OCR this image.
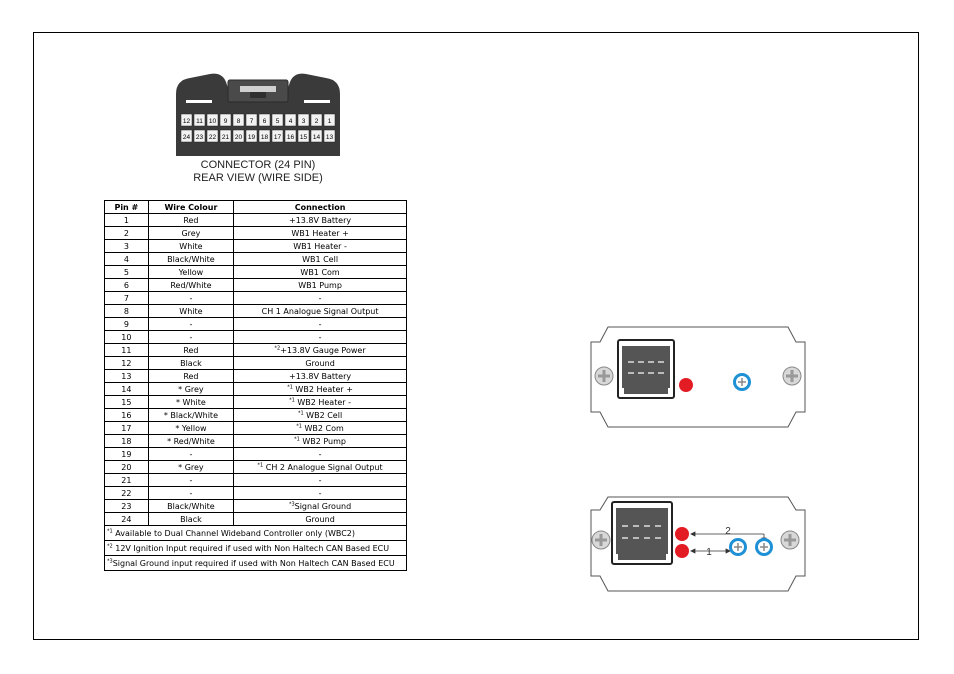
12 11 10 9 8 7 6 5 4 3 2 1
24 23 22 21 20 19 18 17 16 15 14 13
CONNECTOR (24 PIN)
REAR VIEW (WIRE SIDE)
Pin #	Wire Colour	Connection
1	Red	+13.8V Battery
2	Grey	WB1 Heater +
3	White	WB1 Heater -
4	Black/White	WB1 Cell
5	Yellow	WB1 Com
6	Red/White	WB1 Pump
7	-	-
8	White	CH 1 Analogue Signal Output
9	-	-
10	-	-
11	Red	$^{*2}$+13.8V Gauge Power
12	Black	Ground
13	Red	+13.8V Battery
14	* Grey	$^{*1}$ WB2 Heater +
15	* White	$^{*1}$ WB2 Heater -
16	* Black/White	$^{*1}$ WB2 Cell
17	* Yellow	$^{*1}$ WB2 Com
18	* Red/White	$^{*1}$ WB2 Pump
19	-	-
20	* Grey	$^{*1}$ CH 2 Analogue Signal Output
21	-	-
22	-	-
23	Black/White	$^{*3}$Signal Ground
24	Black	Ground
$^{*1}$ Available to Dual Channel Wideband Controller only (WBC2)		
$^{*2}$ 12V Ignition Input required if used with Non Haltech CAN Based ECU		
$^{*3}$Signal Ground input required if used with Non Haltech CAN Based ECU		
2
1
